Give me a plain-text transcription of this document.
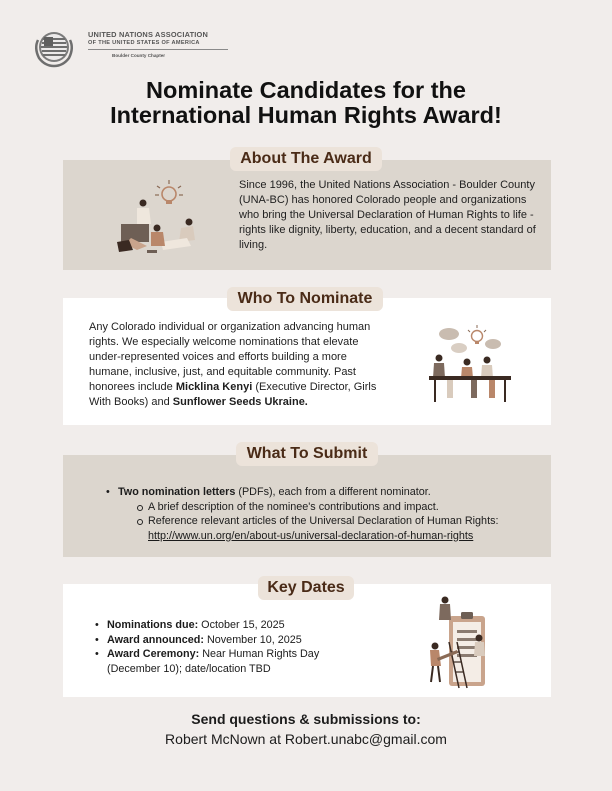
UNITED NATIONS ASSOCIATION
OF THE UNITED STATES OF AMERICA
Boulder County Chapter
Nominate Candidates for the
International Human Rights Award!
Since 1996, the United Nations Association - Boulder County (UNA-BC) has honored Colorado people and organizations who bring the Universal Declaration of Human Rights to life - rights like dignity, liberty, education, and a decent standard of living.
About The Award
Any Colorado individual or organization advancing human rights. We especially welcome nominations that elevate under-represented voices and efforts building a more humane, inclusive, just, and equitable community. Past honorees include Micklina Kenyi (Executive Director, Girls With Books) and Sunflower Seeds Ukraine.
Who To Nominate
• Two nomination letters (PDFs), each from a different nominator.
A brief description of the nominee's contributions and impact.
Reference relevant articles of the Universal Declaration of Human Rights:
http://www.un.org/en/about-us/universal-declaration-of-human-rights
What To Submit
• Nominations due: October 15, 2025
• Award announced: November 10, 2025
• Award Ceremony: Near Human Rights Day
(December 10); date/location TBD
Key Dates
Send questions & submissions to:
Robert McNown at Robert.unabc@gmail.com
